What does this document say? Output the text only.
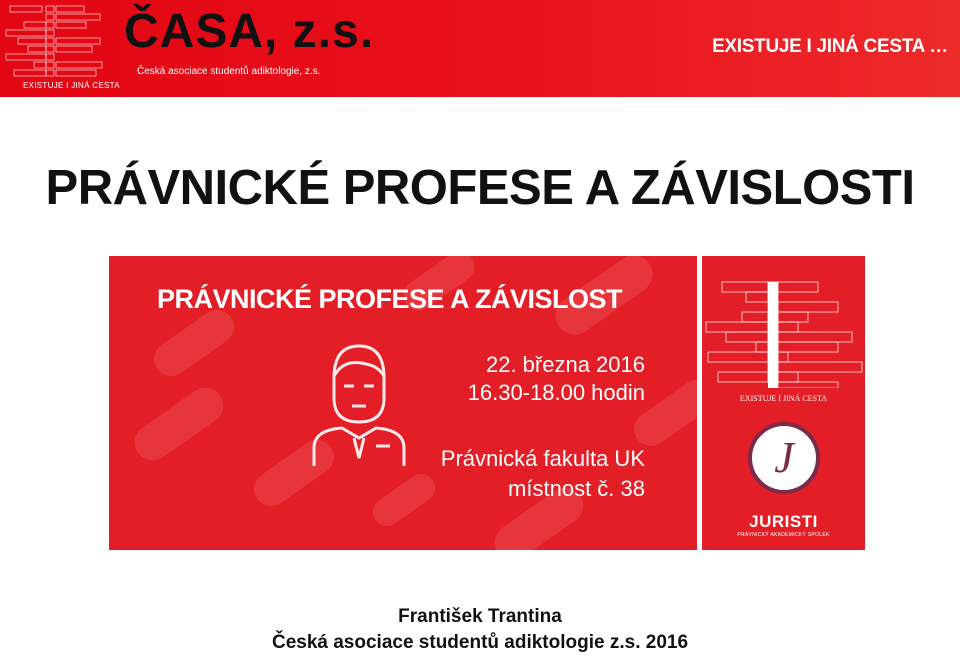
EXISTUJE I JINÁ CESTA
ČASA, z.s.
Česká asociace studentů adiktologie, z.s.
EXISTUJE I JINÁ CESTA …
PRÁVNICKÉ PROFESE A ZÁVISLOSTI
PRÁVNICKÉ PROFESE A ZÁVISLOST
22. března 2016
16.30-18.00 hodin
Právnická fakulta UK
místnost č. 38
EXISTUJE I JINÁ CESTA
J
JURISTI
PRÁVNICKÝ AKADEMICKÝ SPOLEK
František Trantina
Česká asociace studentů adiktologie z.s. 2016
